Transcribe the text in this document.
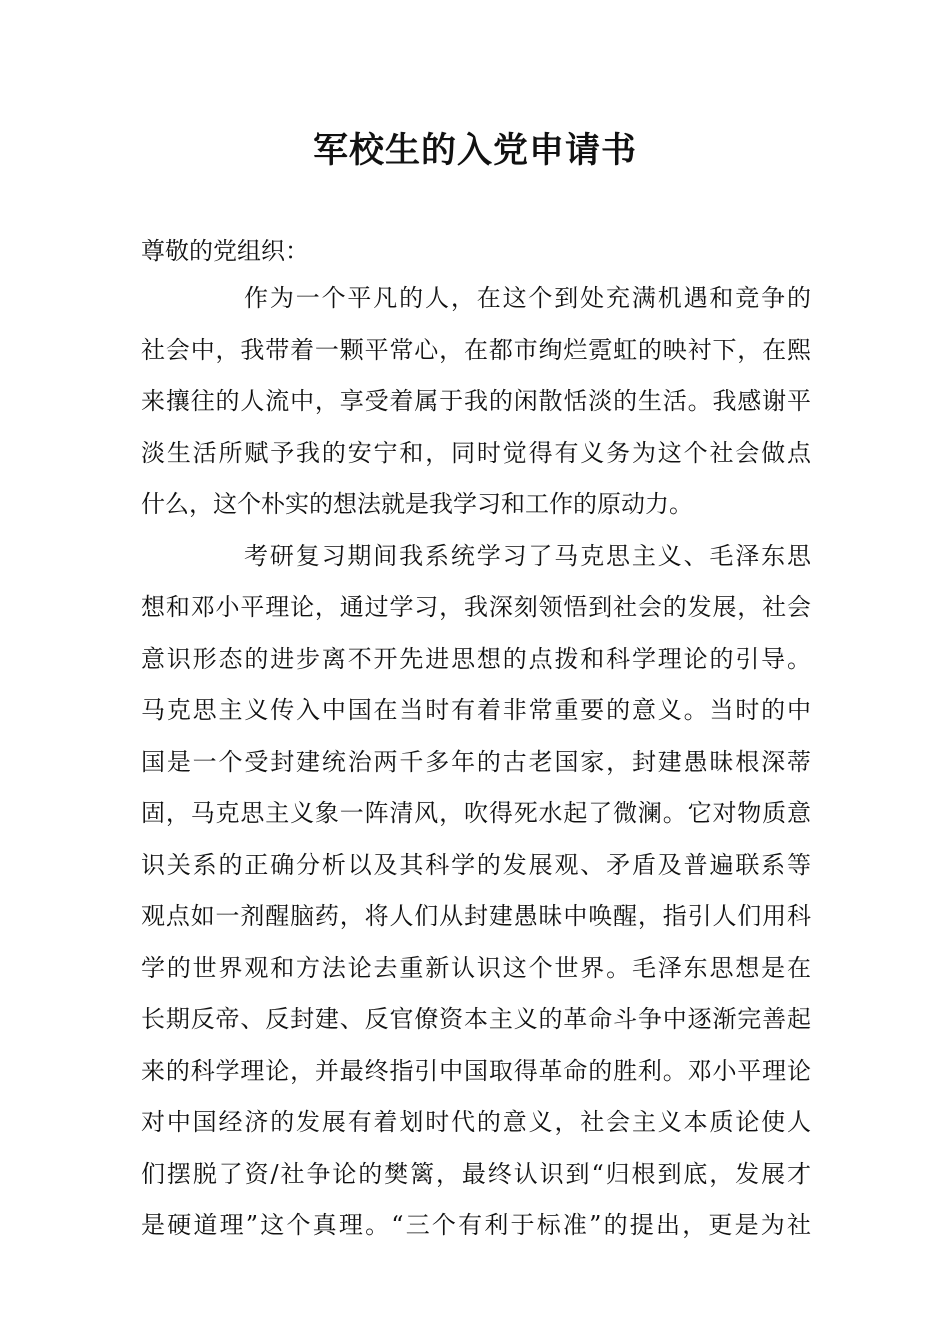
军校生的入党申请书
尊敬的党组织：
作为一个平凡的人，在这个到处充满机遇和竞争的
社会中，我带着一颗平常心，在都市绚烂霓虹的映衬下，在熙
来攘往的人流中，享受着属于我的闲散恬淡的生活。我感谢平
淡生活所赋予我的安宁和，同时觉得有义务为这个社会做点
什么，这个朴实的想法就是我学习和工作的原动力。
考研复习期间我系统学习了马克思主义、毛泽东思
想和邓小平理论，通过学习，我深刻领悟到社会的发展，社会
意识形态的进步离不开先进思想的点拨和科学理论的引导。
马克思主义传入中国在当时有着非常重要的意义。当时的中
国是一个受封建统治两千多年的古老国家，封建愚昧根深蒂
固，马克思主义象一阵清风，吹得死水起了微澜。它对物质意
识关系的正确分析以及其科学的发展观、矛盾及普遍联系等
观点如一剂醒脑药，将人们从封建愚昧中唤醒，指引人们用科
学的世界观和方法论去重新认识这个世界。毛泽东思想是在
长期反帝、反封建、反官僚资本主义的革命斗争中逐渐完善起
来的科学理论，并最终指引中国取得革命的胜利。邓小平理论
对中国经济的发展有着划时代的意义，社会主义本质论使人
们摆脱了资/社争论的樊篱，最终认识到“归根到底，发展才
是硬道理”这个真理。“三个有利于标准”的提出，更是为社
